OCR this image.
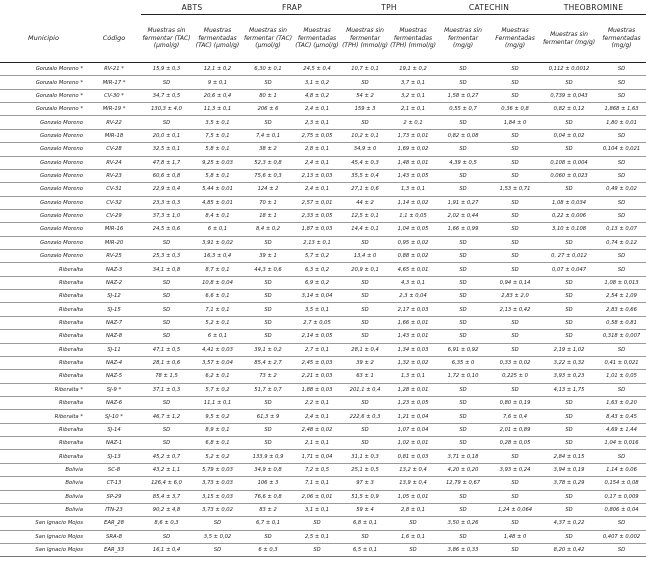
		ABTS		FRAP		TPH		CATECHIN		THEOBROMINE	
Municipio	Código	Muestras sin fermentar (TAC) (µmol/g)	Muestras fermentadas (TAC) (µmol/g)	Muestras sin fermentar (TAC) (µmol/g)	Muestras fermentadas (TAC) (µmol/g)	Muestras sin fermentar (TPH) (mmol/g)	Muestras fermentadas (TPH) (mmol/g)	Muestras sin fermentar (mg/g)	Muestras Fermentadas (mg/g)	Muestras sin fermentar (mg/g)	Muestras fermentadas (mg/g)
Gonzalo Moreno *	RV-21 *	15,9 ± 0,3	12,1 ± 0,2	6,30 ± 0,1	24,5 ± 0,4	10,7 ± 0,1	19,1 ± 0,2	SD	SD	0,112 ± 0,0012	SD
Gonzalo Moreno *	MIR-17 *	SD	9 ± 0,1	SD	3,1 ± 0,2	SD	3,7 ± 0,1	SD	SD	SD	SD
Gonzalo Moreno *	CV-30 *	34,7 ± 0,5	20,6 ± 0,4	80 ± 1	4,8 ± 0,2	54 ± 2	3,2 ± 0,1	1,58 ± 0,27	SD	0,739 ± 0,043	SD
Gonzalo Moreno *	MIR-19 *	130,3 ± 4,0	11,3 ± 0,1	206 ± 6	2,4 ± 0,1	159 ± 3	2,1 ± 0,1	0,55 ± 0,7	0,36 ± 0,8	0,82 ± 0,12	1,868 ± 1,63
Gonzalo Moreno	RV-22	SD	3,5 ± 0,1	SD	2,3 ± 0,1	SD	2 ± 0,1	SD	1,84 ± 0	SD	1,80 ± 0,01
Gonzalo Moreno	MIR-18	20,0 ± 0,1	7,5 ± 0,1	7,4 ± 0,1	2,75 ± 0,05	10,2 ± 0,1	1,73 ± 0,01	0,82 ± 0,08	SD	0,04 ± 0,02	SD
Gonzalo Moreno	CV-28	32,5 ± 0,1	5,8 ± 0,1	38 ± 2	2,8 ± 0,1	34,9 ± 0	1,69 ± 0,02	SD	SD	SD	0,104 ± 0,021
Gonzalo Moreno	RV-24	47,8 ± 1,7	9,25 ± 0,03	52,3 ± 0,8	2,4 ± 0,1	45,4 ± 0,3	1,48 ± 0,01	4,39 ± 0,5	SD	0,108 ± 0,004	SD
Gonzalo Moreno	RV-23	60,6 ± 0,8	5,8 ± 0,1	75,6 ± 0,3	2,13 ± 0,03	35,5 ± 0,4	1,43 ± 0,05	SD	SD	0,060 ± 0,023	SD
Gonzalo Moreno	CV-31	22,9 ± 0,4	5,44 ± 0,01	124 ± 2	2,4 ± 0,1	27,1 ± 0,6	1,3 ± 0,1	SD	1,53 ± 0,71	SD	0,49 ± 0,02
Gonzalo Moreno	CV-32	23,3 ± 0,3	4,85 ± 0,01	70 ± 1	2,57 ± 0,01	44 ± 2	1,14 ± 0,02	1,91 ± 0,27	SD	1,08 ± 0,034	SD
Gonzalo Moreno	CV-29	37,3 ± 1,0	8,4 ± 0,1	18 ± 1	2,33 ± 0,05	12,5 ± 0,1	1,1 ± 0,05	2,02 ± 0,44	SD	0,22 ± 0,006	SD
Gonzalo Moreno	MIR-16	24,5 ± 0,6	6 ± 0,1	8,4 ± 0,2	1,87 ± 0,03	14,4 ± 0,1	1,04 ± 0,05	1,66 ± 0,99	SD	3,10 ± 0,108	0,13 ± 0,07
Gonzalo Moreno	MIR-20	SD	3,91 ± 0,02	SD	2,13 ± 0,1	SD	0,95 ± 0,02	SD	SD	SD	0,74 ± 0,12
Gonzalo Moreno	RV-25	25,3 ± 0,3	16,3 ± 0,4	39 ± 1	5,7 ± 0,2	13,4 ± 0	0,88 ± 0,02	SD	SD	0, 27 ± 0,012	SD
Riberalta	NAZ-3	34,1 ± 0,8	8,7 ± 0,1	44,3 ± 0,6	6,3 ± 0,2	20,9 ± 0,1	4,65 ± 0,01	SD	SD	0,07 ± 0,047	SD
Riberalta	NAZ-2	SD	10,8 ± 0,04	SD	6,9 ± 0,2	SD	4,3 ± 0,1	SD	0,94 ± 0,14	SD	1,08 ± 0,013
Riberalta	SJ-12	SD	6,6 ± 0,1	SD	3,14 ± 0,04	SD	2,3 ± 0,04	SD	2,83 ± 2,0	SD	2,54 ± 1,09
Riberalta	SJ-15	SD	7,1 ± 0,1	SD	3,5 ± 0,1	SD	2,17 ± 0,03	SD	2,13 ± 0,42	SD	2,83 ± 0,66
Riberalta	NAZ-7	SD	5,2 ± 0,1	SD	2,7 ± 0,05	SD	1,66 ± 0,01	SD	SD	SD	0,58 ± 0,81
Riberalta	NAZ-8	SD	6 ± 0,1	SD	2,14 ± 0,05	SD	1,43 ± 0,01	SD	SD	SD	0,318 ± 0,007
Riberalta	SJ-11	47,1 ± 0,5	4,41 ± 0,03	39,1 ± 0,2	2,7 ± 0,1	28,1 ± 0,4	1,34 ± 0,03	6,91 ± 0,92	SD	2,19 ± 1,02	SD
Riberalta	NAZ-4	28,1 ± 0,6	3,57 ± 0,04	85,4 ± 2,7	2,45 ± 0,03	39 ± 2	1,32 ± 0,02	6,35 ± 0	0,33 ± 0,02	3,22 ± 0,32	0,41 ± 0,021
Riberalta	NAZ-5	78 ± 1,5	6,2 ± 0,1	73 ± 2	2,21 ± 0,03	63 ± 1	1,3 ± 0,1	1,72 ± 0,10	0,225 ± 0	3,93 ± 0,23	1,01 ± 0,05
Riberalta *	SJ-9 *	37,1 ± 0,3	5,7 ± 0,2	51,7 ± 0,7	1,88 ± 0,03	201,1 ± 0,4	1,28 ± 0,01	SD	SD	4,13 ± 1,75	SD
Riberalta	NAZ-6	SD	11,1 ± 0,1	SD	2,2 ± 0,1	SD	1,23 ± 0,05	SD	0,80 ± 0,19	SD	1,63 ± 0,20
Riberalta *	SJ-10 *	46,7 ± 1,2	9,5 ± 0,2	61,3 ± 9	2,4 ± 0,1	222,6 ± 0,3	1,21 ± 0,04	SD	7,6 ± 0,4	SD	8,43 ± 0,45
Riberalta	SJ-14	SD	8,9 ± 0,1	SD	2,48 ± 0,02	SD	1,07 ± 0,04	SD	2,01 ± 0,89	SD	4,69 ± 1,44
Riberalta	NAZ-1	SD	6,8 ± 0,1	SD	2,1 ± 0,1	SD	1,02 ± 0,01	SD	0,28 ± 0,05	SD	1,04 ± 0,016
Riberalta	SJ-13	45,2 ± 0,7	5,2 ± 0,2	133,9 ± 0,9	1,71 ± 0,04	31,1 ± 0,3	0,81 ± 0,03	3,71 ± 0,18	SD	2,84 ± 0,15	SD
Bolivia	SC-8	43,2 ± 1,1	5,79 ± 0,03	34,9 ± 0,8	7,2 ± 0,5	25,1 ± 0,5	13,2 ± 0,4	4,20 ± 0,20	3,93 ± 0,24	3,94 ± 0,19	1,14 ± 0,06
Bolivia	CT-13	126,4 ± 6,0	3,73 ± 0,03	106 ± 3	7,1 ± 0,1	97 ± 3	13,9 ± 0,4	12,79 ± 0,67	SD	3,78 ± 0,29	0,154 ± 0,08
Bolivia	SP-29	85,4 ± 3,7	3,15 ± 0,03	76,6 ± 0,8	2,06 ± 0,01	51,5 ± 0,9	1,05 ± 0,01	SD	SD	SD	0,17 ± 0,009
Bolivia	ITN-23	90,2 ± 4,8	3,73 ± 0,02	83 ± 2	3,1 ± 0,1	59 ± 4	2,8 ± 0,1	SD	1,24 ± 0,064	SD	0,806 ± 0,04
San Ignacio Mojos	EAR_28	8,6 ± 0,3	SD	6,7 ± 0,1	SD	6,8 ± 0,1	SD	3,50 ± 0,26	SD	4,37 ± 0,22	SD
San Ignacio Mojos	SRA-8	SD	3,5 ± 0,02	SD	2,5 ± 0,1	SD	1,6 ± 0,1	SD	1,48 ± 0	SD	0,407 ± 0,002
San Ignacio Mojos	EAR_33	16,1 ± 0,4	SD	6 ± 0,3	SD	6,5 ± 0,1	SD	3,86 ± 0,33	SD	8,20 ± 0,42	SD
